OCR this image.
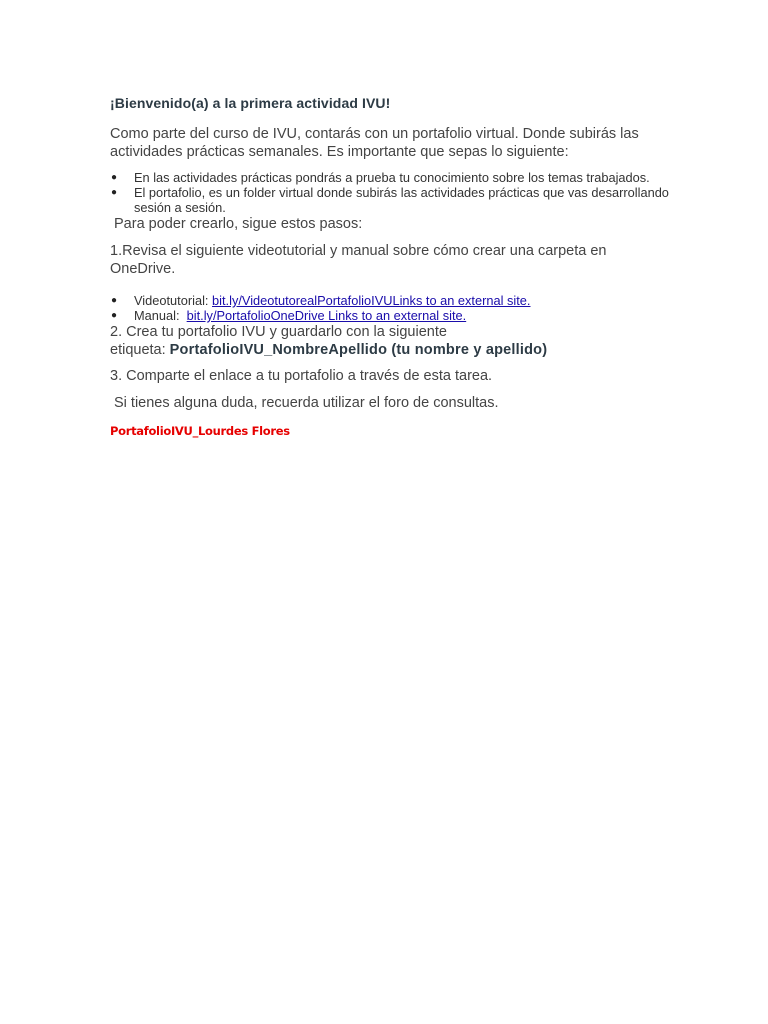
¡Bienvenido(a) a la primera actividad IVU!

Como parte del curso de IVU, contarás con un portafolio virtual. Donde subirás las actividades prácticas semanales. Es importante que sepas lo siguiente:

● En las actividades prácticas pondrás a prueba tu conocimiento sobre los temas trabajados.
● El portafolio, es un folder virtual donde subirás las actividades prácticas que vas desarrollando sesión a sesión.

Para poder crearlo, sigue estos pasos:

1.Revisa el siguiente videotutorial y manual sobre cómo crear una carpeta en OneDrive.

● Videotutorial: bit.ly/VideotutorealPortafolioIVULinks to an external site.
● Manual:  bit.ly/PortafolioOneDrive Links to an external site.
2. Crea tu portafolio IVU y guardarlo con la siguiente
etiqueta: PortafolioIVU_NombreApellido (tu nombre y apellido)

3. Comparte el enlace a tu portafolio a través de esta tarea.

Si tienes alguna duda, recuerda utilizar el foro de consultas.

PortafolioIVU_Lourdes Flores
